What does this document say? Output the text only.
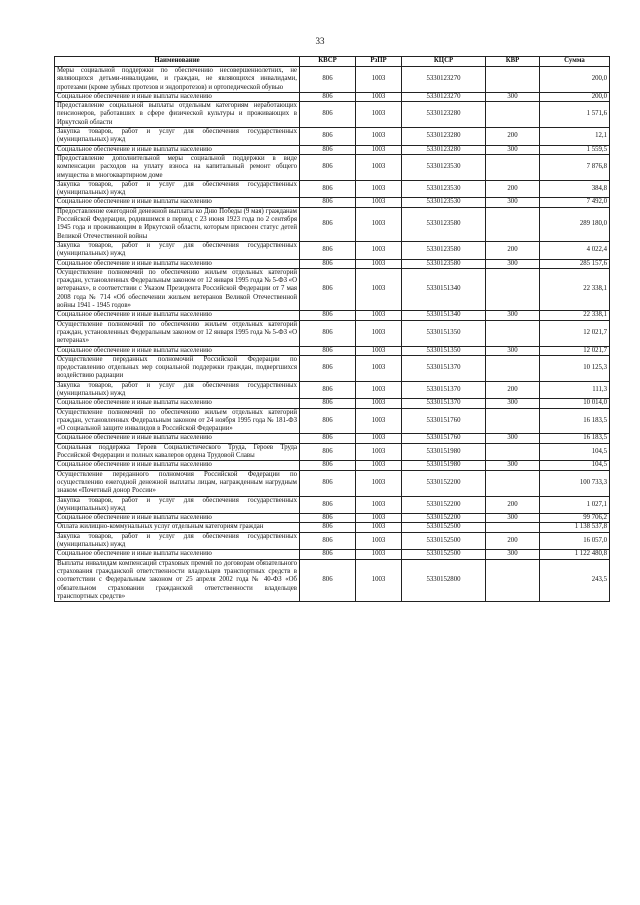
33
Наименование	КВСР	РзПР	КЦСР	КВР	Сумма
Меры социальной поддержки по обеспечению несовершеннолетних, не являющихся детьми-инвалидами, и граждан, не являющихся инвалидами, протезами (кроме зубных протезов и эндопротезов) и ортопедической обувью	806	1003	5330123270		200,0
Социальное обеспечение и иные выплаты населению	806	1003	5330123270	300	200,0
Предоставление социальной выплаты отдельным категориям неработающих пенсионеров, работавших в сфере физической культуры и проживающих в Иркутской области	806	1003	5330123280		1 571,6
Закупка товаров, работ и услуг для обеспечения государственных (муниципальных) нужд	806	1003	5330123280	200	12,1
Социальное обеспечение и иные выплаты населению	806	1003	5330123280	300	1 559,5
Предоставление дополнительной меры социальной поддержки в виде компенсации расходов на уплату взноса на капитальный ремонт общего имущества в многоквартирном доме	806	1003	5330123530		7 876,8
Закупка товаров, работ и услуг для обеспечения государственных (муниципальных) нужд	806	1003	5330123530	200	384,8
Социальное обеспечение и иные выплаты населению	806	1003	5330123530	300	7 492,0
Предоставление ежегодной денежной выплаты ко Дню Победы (9 мая) гражданам Российской Федерации, родившимся в период с 23 июня 1923 года по 2 сентября 1945 года и проживающим в Иркутской области, которым присвоен статус детей Великой Отечественной войны	806	1003	5330123580		289 180,0
Закупка товаров, работ и услуг для обеспечения государственных (муниципальных) нужд	806	1003	5330123580	200	4 022,4
Социальное обеспечение и иные выплаты населению	806	1003	5330123580	300	285 157,6
Осуществление полномочий по обеспечению жильем отдельных категорий граждан, установленных Федеральным законом от 12 января 1995 года № 5-ФЗ «О ветеранах», в соответствии с Указом Президента Российской Федерации от 7 мая 2008 года № 714 «Об обеспечении жильем ветеранов Великой Отечественной войны 1941 - 1945 годов»	806	1003	5330151340		22 338,1
Социальное обеспечение и иные выплаты населению	806	1003	5330151340	300	22 338,1
Осуществление полномочий по обеспечению жильем отдельных категорий граждан, установленных Федеральным законом от 12 января 1995 года № 5-ФЗ «О ветеранах»	806	1003	5330151350		12 021,7
Социальное обеспечение и иные выплаты населению	806	1003	5330151350	300	12 021,7
Осуществление переданных полномочий Российской Федерации по предоставлению отдельных мер социальной поддержки граждан, подвергшихся воздействию радиации	806	1003	5330151370		10 125,3
Закупка товаров, работ и услуг для обеспечения государственных (муниципальных) нужд	806	1003	5330151370	200	111,3
Социальное обеспечение и иные выплаты населению	806	1003	5330151370	300	10 014,0
Осуществление полномочий по обеспечению жильем отдельных категорий граждан, установленных Федеральным законом от 24 ноября 1995 года № 181-ФЗ «О социальной защите инвалидов в Российской Федерации»	806	1003	5330151760		16 183,5
Социальное обеспечение и иные выплаты населению	806	1003	5330151760	300	16 183,5
Социальная поддержка Героев Социалистического Труда, Героев Труда Российской Федерации и полных кавалеров ордена Трудовой Славы	806	1003	5330151980		104,5
Социальное обеспечение и иные выплаты населению	806	1003	5330151980	300	104,5
Осуществление переданного полномочия Российской Федерации по осуществлению ежегодной денежной выплаты лицам, награжденным нагрудным знаком «Почетный донор России»	806	1003	5330152200		100 733,3
Закупка товаров, работ и услуг для обеспечения государственных (муниципальных) нужд	806	1003	5330152200	200	1 027,1
Социальное обеспечение и иные выплаты населению	806	1003	5330152200	300	99 706,2
Оплата жилищно-коммунальных услуг отдельным категориям граждан	806	1003	5330152500		1 138 537,8
Закупка товаров, работ и услуг для обеспечения государственных (муниципальных) нужд	806	1003	5330152500	200	16 057,0
Социальное обеспечение и иные выплаты населению	806	1003	5330152500	300	1 122 480,8
Выплаты инвалидам компенсаций страховых премий по договорам обязательного страхования гражданской ответственности владельцев транспортных средств в соответствии с Федеральным законом от 25 апреля 2002 года № 40-ФЗ «Об обязательном страховании гражданской ответственности владельцев транспортных средств»	806	1003	5330152800		243,5
